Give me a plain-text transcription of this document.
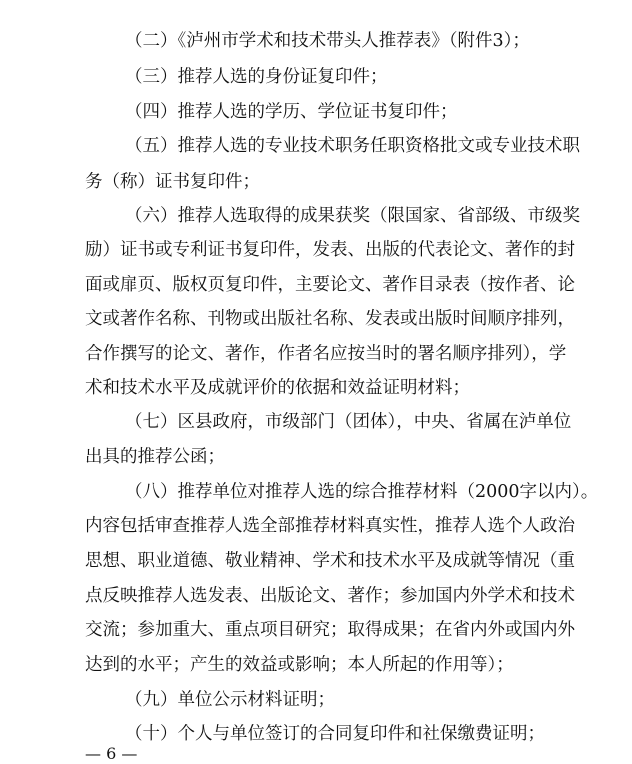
（二）《泸州市学术和技术带头人推荐表》（附件3）；
（三）推荐人选的身份证复印件；
（四）推荐人选的学历、学位证书复印件；
（五）推荐人选的专业技术职务任职资格批文或专业技术职
务（称）证书复印件；
（六）推荐人选取得的成果获奖（限国家、省部级、市级奖
励）证书或专利证书复印件，发表、出版的代表论文、著作的封
面或扉页、版权页复印件，主要论文、著作目录表（按作者、论
文或著作名称、刊物或出版社名称、发表或出版时间顺序排列，
合作撰写的论文、著作，作者名应按当时的署名顺序排列），学
术和技术水平及成就评价的依据和效益证明材料；
（七）区县政府，市级部门（团体），中央、省属在泸单位
出具的推荐公函；
（八）推荐单位对推荐人选的综合推荐材料（2000字以内）。
内容包括审查推荐人选全部推荐材料真实性，推荐人选个人政治
思想、职业道德、敬业精神、学术和技术水平及成就等情况（重
点反映推荐人选发表、出版论文、著作；参加国内外学术和技术
交流；参加重大、重点项目研究；取得成果；在省内外或国内外
达到的水平；产生的效益或影响；本人所起的作用等）；
（九）单位公示材料证明；
（十）个人与单位签订的合同复印件和社保缴费证明；
— 6 —
